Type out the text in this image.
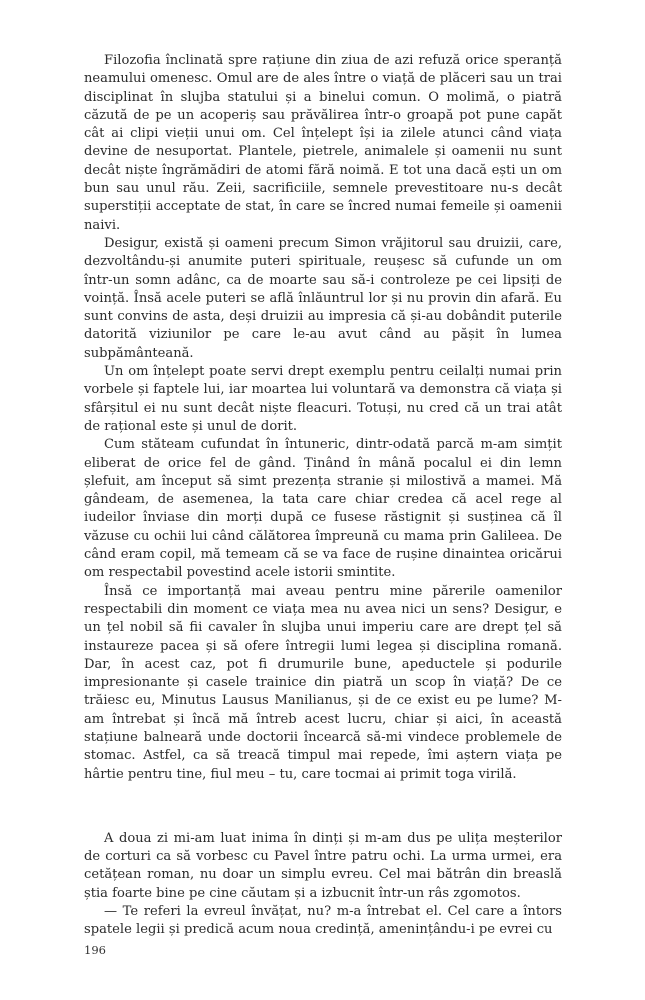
Filozofia înclinată spre rațiune din ziua de azi refuză orice speranță neamului omenesc. Omul are de ales între o viață de plăceri sau un trai disciplinat în slujba statului și a binelui comun. O molimă, o piatră căzută de pe un acoperiș sau prăvălirea într-o groapă pot pune capăt cât ai clipi vieții unui om. Cel înțelept își ia zilele atunci când viața devine de nesuportat. Plantele, pietrele, animalele și oamenii nu sunt decât niște îngrămădiri de atomi fără noimă. E tot una dacă ești un om bun sau unul rău. Zeii, sacrificiile, semnele prevestitoare nu-s decât superstiții acceptate de stat, în care se încred numai femeile și oamenii naivi.

Desigur, există și oameni precum Simon vrăjitorul sau druizii, care, dezvoltându-și anumite puteri spirituale, reușesc să cufunde un om într-un somn adânc, ca de moarte sau să-i controleze pe cei lipsiți de voință. Însă acele puteri se află înlăuntrul lor și nu provin din afară. Eu sunt convins de asta, deși druizii au impresia că și-au dobândit puterile datorită viziunilor pe care le-au avut când au pășit în lumea subpământeană.

Un om înțelept poate servi drept exemplu pentru ceilalți numai prin vorbele și faptele lui, iar moartea lui voluntară va demonstra că viața și sfârșitul ei nu sunt decât niște fleacuri. Totuși, nu cred că un trai atât de rațional este și unul de dorit.

Cum stăteam cufundat în întuneric, dintr-odată parcă m-am simțit eliberat de orice fel de gând. Ținând în mână pocalul ei din lemn șlefuit, am început să simt prezența stranie și milostivă a mamei. Mă gândeam, de asemenea, la tata care chiar credea că acel rege al iudeilor înviase din morți după ce fusese răstignit și susținea că îl văzuse cu ochii lui când călătorea împreună cu mama prin Galileea. De când eram copil, mă temeam că se va face de rușine dinaintea oricărui om respectabil povestind acele istorii smintite.

Însă ce importanță mai aveau pentru mine părerile oamenilor respectabili din moment ce viața mea nu avea nici un sens? Desigur, e un țel nobil să fii cavaler în slujba unui imperiu care are drept țel să instaureze pacea și să ofere întregii lumi legea și disciplina romană. Dar, în acest caz, pot fi drumurile bune, apeductele și podurile impresionante și casele trainice din piatră un scop în viață? De ce trăiesc eu, Minutus Lausus Manilianus, și de ce exist eu pe lume? M-am întrebat și încă mă întreb acest lucru, chiar și aici, în această stațiune balneară unde doctorii încearcă să-mi vindece problemele de stomac. Astfel, ca să treacă timpul mai repede, îmi aștern viața pe hârtie pentru tine, fiul meu – tu, care tocmai ai primit toga virilă.

A doua zi mi-am luat inima în dinți și m-am dus pe ulița meșterilor de corturi ca să vorbesc cu Pavel între patru ochi. La urma urmei, era cetățean roman, nu doar un simplu evreu. Cel mai bătrân din breaslă știa foarte bine pe cine căutam și a izbucnit într-un râs zgomotos.

— Te referi la evreul învățat, nu? m-a întrebat el. Cel care a întors spatele legii și predică acum noua credință, amenințându-i pe evrei cu

196
